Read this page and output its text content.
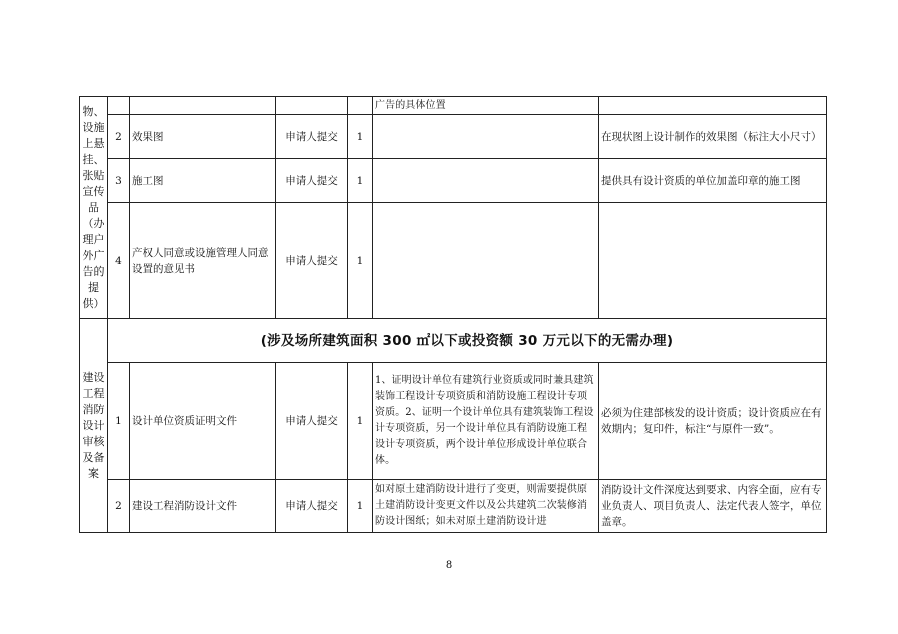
物、设施上悬挂、张贴宣传品（办理户外广告的提供）					广告的具体位置	
	2	效果图	申请人提交	1		在现状图上设计制作的效果图（标注大小尺寸）
	3	施工图	申请人提交	1		提供具有设计资质的单位加盖印章的施工图
	4	产权人同意或设施管理人同意设置的意见书	申请人提交	1		
建设工程消防设计审核及备案	(涉及场所建筑面积 300 ㎡以下或投资额 30 万元以下的无需办理)					
	1	设计单位资质证明文件	申请人提交	1	1、证明设计单位有建筑行业资质或同时兼具建筑装饰工程设计专项资质和消防设施工程设计专项资质。2、证明一个设计单位具有建筑装饰工程设计专项资质，另一个设计单位具有消防设施工程设计专项资质，两个设计单位形成设计单位联合体。	必须为住建部核发的设计资质；设计资质应在有效期内；复印件，标注“与原件一致”。
	2	建设工程消防设计文件	申请人提交	1	如对原土建消防设计进行了变更，则需要提供原土建消防设计变更文件以及公共建筑二次装修消防设计图纸；如未对原土建消防设计进	消防设计文件深度达到要求、内容全面，应有专业负责人、项目负责人、法定代表人签字，单位盖章。
8
